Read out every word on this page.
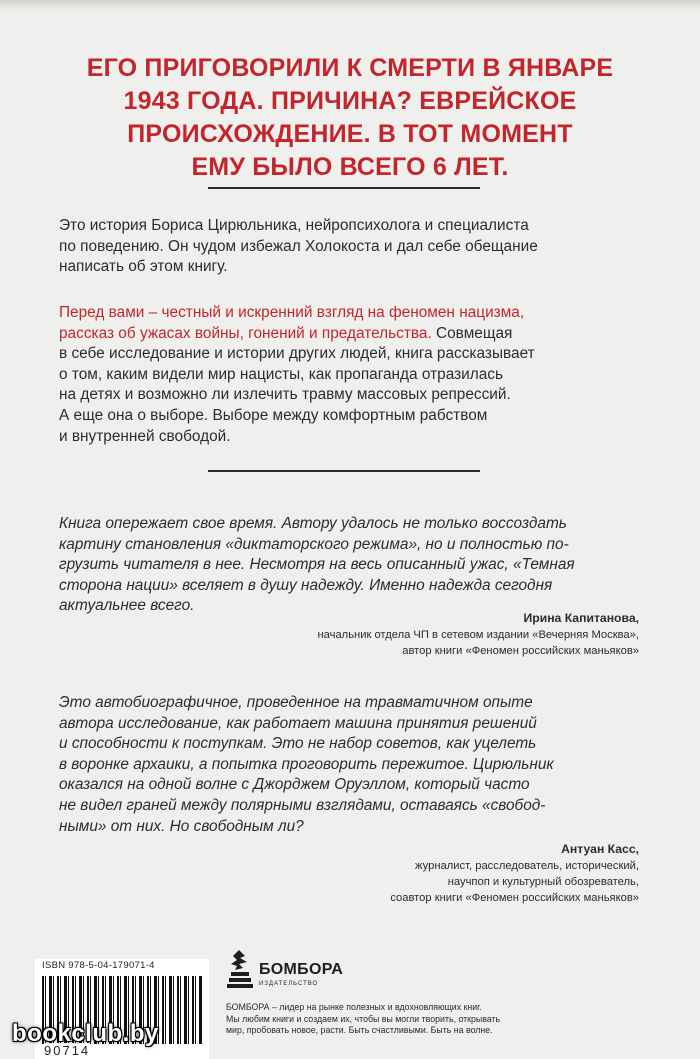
ЕГО ПРИГОВОРИЛИ К СМЕРТИ В ЯНВАРЕ
1943 ГОДА. ПРИЧИНА? ЕВРЕЙСКОЕ
ПРОИСХОЖДЕНИЕ. В ТОТ МОМЕНТ
ЕМУ БЫЛО ВСЕГО 6 ЛЕТ.
Это история Бориса Цирюльника, нейропсихолога и специалиста
по поведению. Он чудом избежал Холокоста и дал себе обещание
написать об этом книгу.
Перед вами – честный и искренний взгляд на феномен нацизма,
рассказ об ужасах войны, гонений и предательства. Совмещая
в себе исследование и истории других людей, книга рассказывает
о том, каким видели мир нацисты, как пропаганда отразилась
на детях и возможно ли излечить травму массовых репрессий.
А еще она о выборе. Выборе между комфортным рабством
и внутренней свободой.
Книга опережает свое время. Автору удалось не только воссоздать
картину становления «диктаторского режима», но и полностью по-
грузить читателя в нее. Несмотря на весь описанный ужас, «Темная
сторона нации» вселяет в душу надежду. Именно надежда сегодня
актуальнее всего.
Ирина Капитанова,
начальник отдела ЧП в сетевом издании «Вечерняя Москва»,
автор книги «Феномен российских маньяков»
Это автобиографичное, проведенное на травматичном опыте
автора исследование, как работает машина принятия решений
и способности к поступкам. Это не набор советов, как уцелеть
в воронке архаики, а попытка проговорить пережитое. Цирюльник
оказался на одной волне с Джорджем Оруэллом, который часто
не видел граней между полярными взглядами, оставаясь «свобод-
ными» от них. Но свободным ли?
Антуан Касс,
журналист, расследователь, исторический,
научпоп и культурный обозреватель,
соавтор книги «Феномен российских маньяков»
ISBN 978-5-04-179071-4
90714
БОМБОРА
ИЗДАТЕЛЬСТВО
БОМБОРА – лидер на рынке полезных и вдохновляющих книг.
Мы любим книги и создаем их, чтобы вы могли творить, открывать
мир, пробовать новое, расти. Быть счастливыми. Быть на волне.
bookclub.by
